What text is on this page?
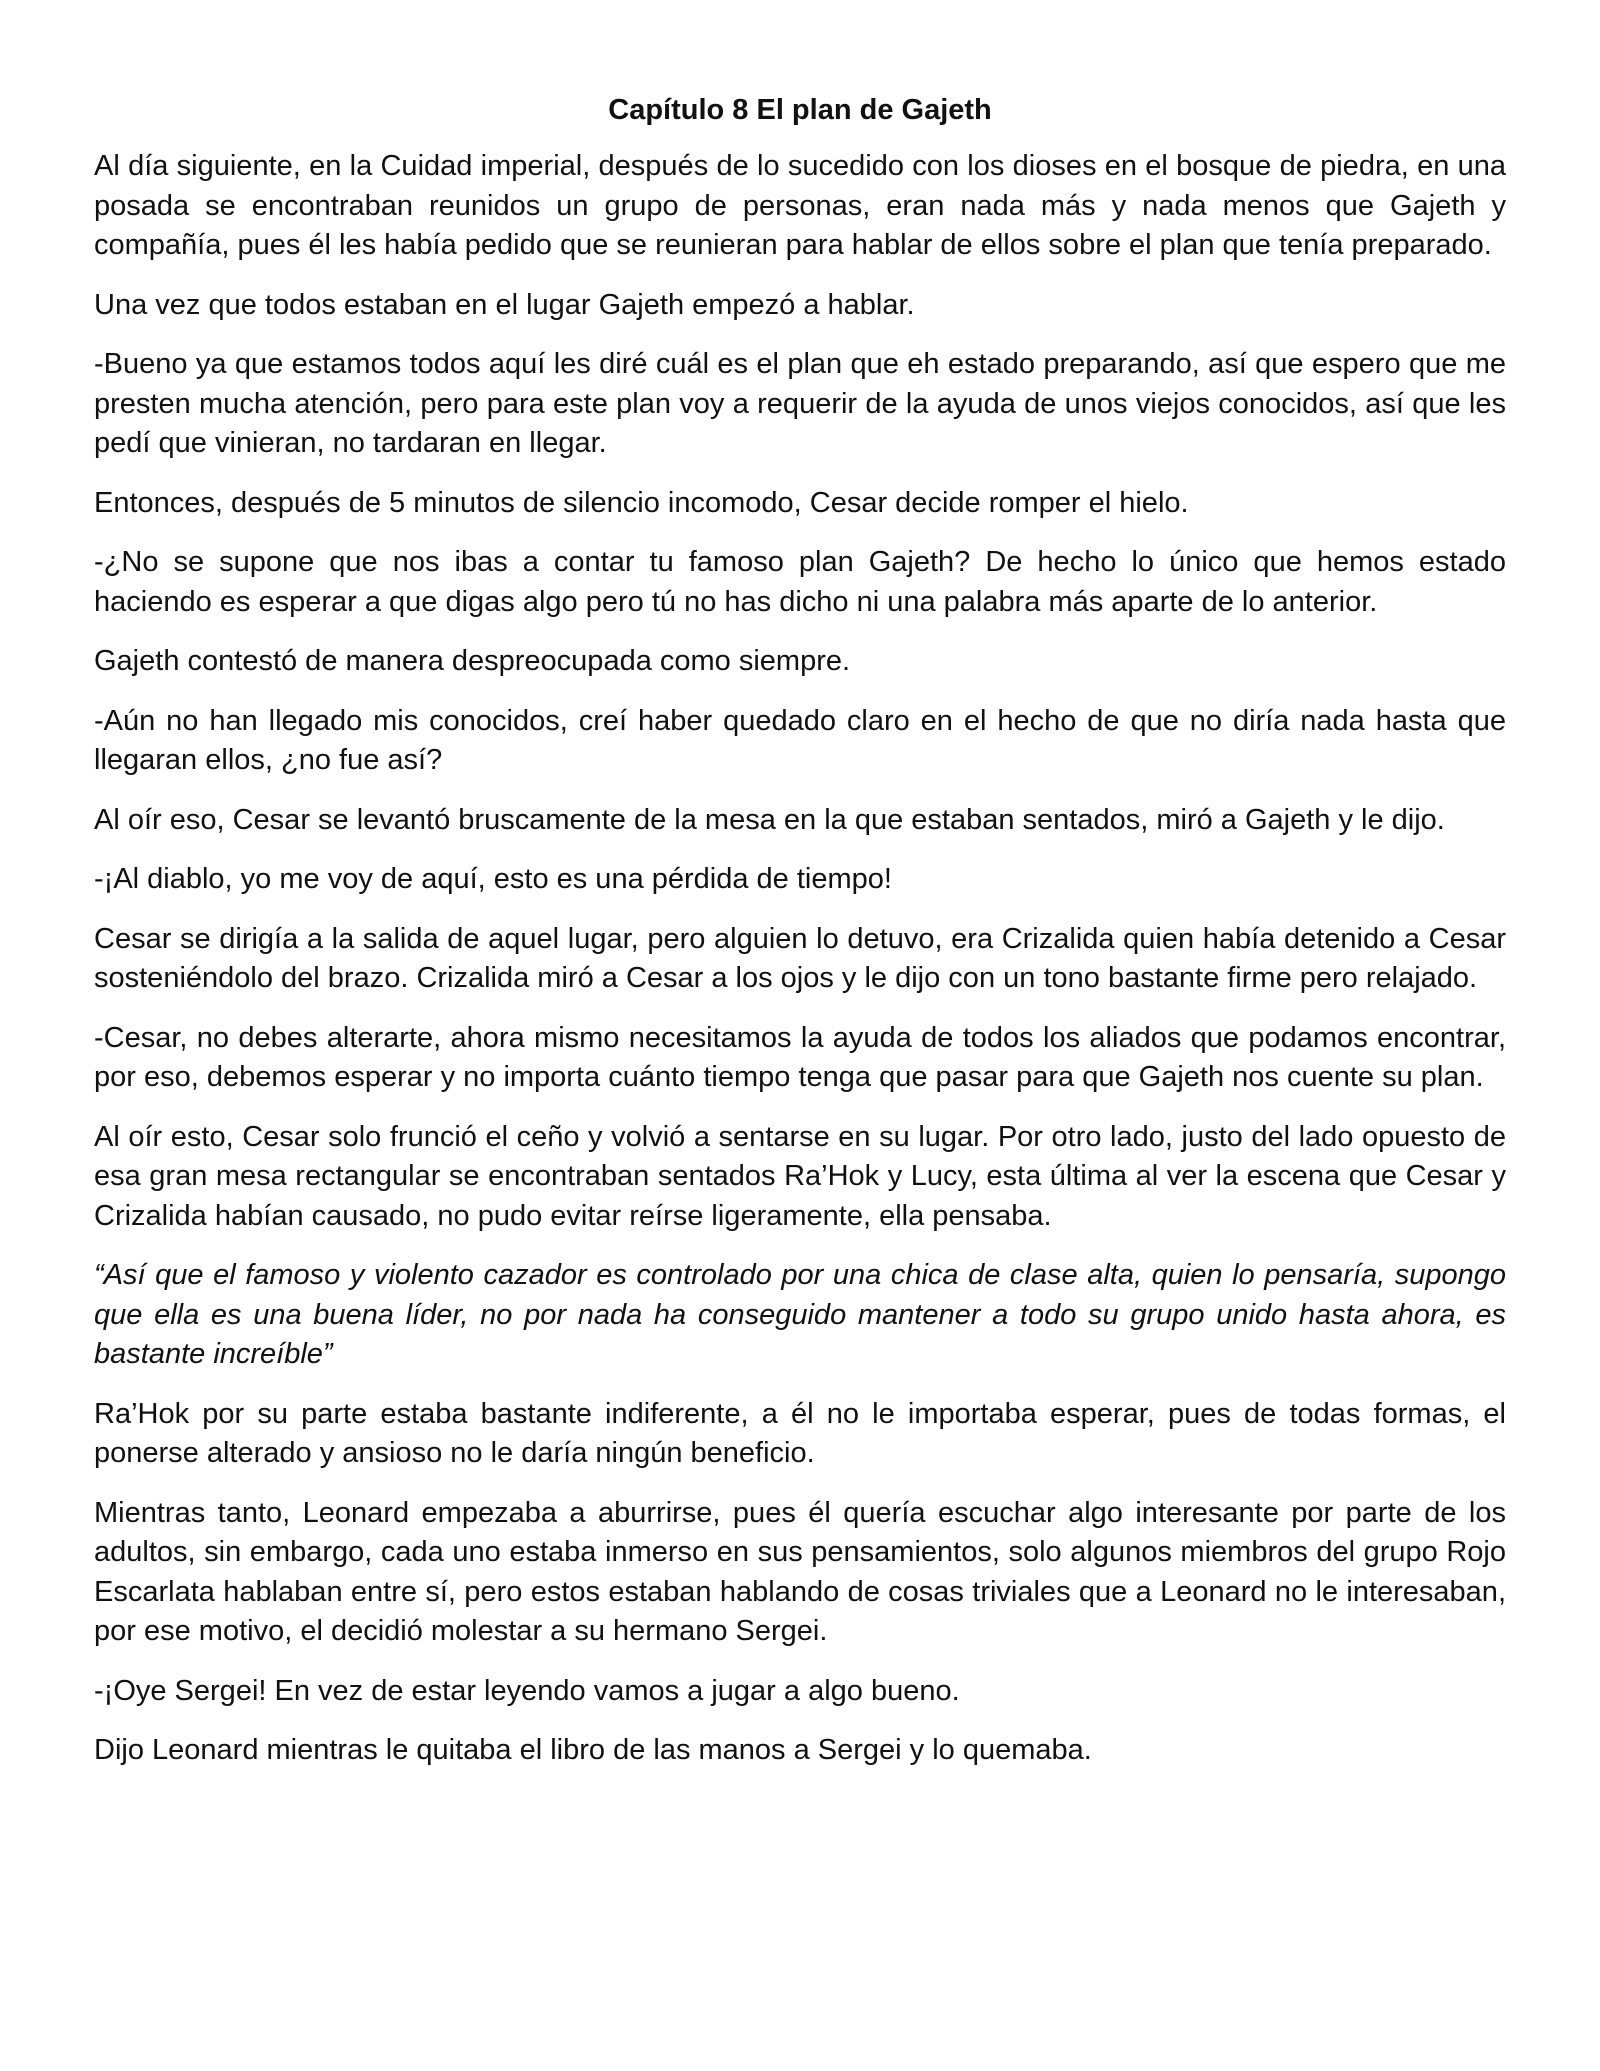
Capítulo 8 El plan de Gajeth

Al día siguiente, en la Cuidad imperial, después de lo sucedido con los dioses en el bosque de piedra, en una posada se encontraban reunidos un grupo de personas, eran nada más y nada menos que Gajeth y compañía, pues él les había pedido que se reunieran para hablar de ellos sobre el plan que tenía preparado.

Una vez que todos estaban en el lugar Gajeth empezó a hablar.

-Bueno ya que estamos todos aquí les diré cuál es el plan que eh estado preparando, así que espero que me presten mucha atención, pero para este plan voy a requerir de la ayuda de unos viejos conocidos, así que les pedí que vinieran, no tardaran en llegar.

Entonces, después de 5 minutos de silencio incomodo, Cesar decide romper el hielo.

-¿No se supone que nos ibas a contar tu famoso plan Gajeth? De hecho lo único que hemos estado haciendo es esperar a que digas algo pero tú no has dicho ni una palabra más aparte de lo anterior.

Gajeth contestó de manera despreocupada como siempre.

-Aún no han llegado mis conocidos, creí haber quedado claro en el hecho de que no diría nada hasta que llegaran ellos, ¿no fue así?

Al oír eso, Cesar se levantó bruscamente de la mesa en la que estaban sentados, miró a Gajeth y le dijo.

-¡Al diablo, yo me voy de aquí, esto es una pérdida de tiempo!

Cesar se dirigía a la salida de aquel lugar, pero alguien lo detuvo, era Crizalida quien había detenido a Cesar sosteniéndolo del brazo. Crizalida miró a Cesar a los ojos y le dijo con un tono bastante firme pero relajado.

-Cesar, no debes alterarte, ahora mismo necesitamos la ayuda de todos los aliados que podamos encontrar, por eso, debemos esperar y no importa cuánto tiempo tenga que pasar para que Gajeth nos cuente su plan.

Al oír esto, Cesar solo frunció el ceño y volvió a sentarse en su lugar. Por otro lado, justo del lado opuesto de esa gran mesa rectangular se encontraban sentados Ra’Hok y Lucy, esta última al ver la escena que Cesar y Crizalida habían causado, no pudo evitar reírse ligeramente, ella pensaba.

“Así que el famoso y violento cazador es controlado por una chica de clase alta, quien lo pensaría, supongo que ella es una buena líder, no por nada ha conseguido mantener a todo su grupo unido hasta ahora, es bastante increíble”

Ra’Hok por su parte estaba bastante indiferente, a él no le importaba esperar, pues de todas formas, el ponerse alterado y ansioso no le daría ningún beneficio.

Mientras tanto, Leonard empezaba a aburrirse, pues él quería escuchar algo interesante por parte de los adultos, sin embargo, cada uno estaba inmerso en sus pensamientos, solo algunos miembros del grupo Rojo Escarlata hablaban entre sí, pero estos estaban hablando de cosas triviales que a Leonard no le interesaban, por ese motivo, el decidió molestar a su hermano Sergei.

-¡Oye Sergei! En vez de estar leyendo vamos a jugar a algo bueno.

Dijo Leonard mientras le quitaba el libro de las manos a Sergei y lo quemaba.
